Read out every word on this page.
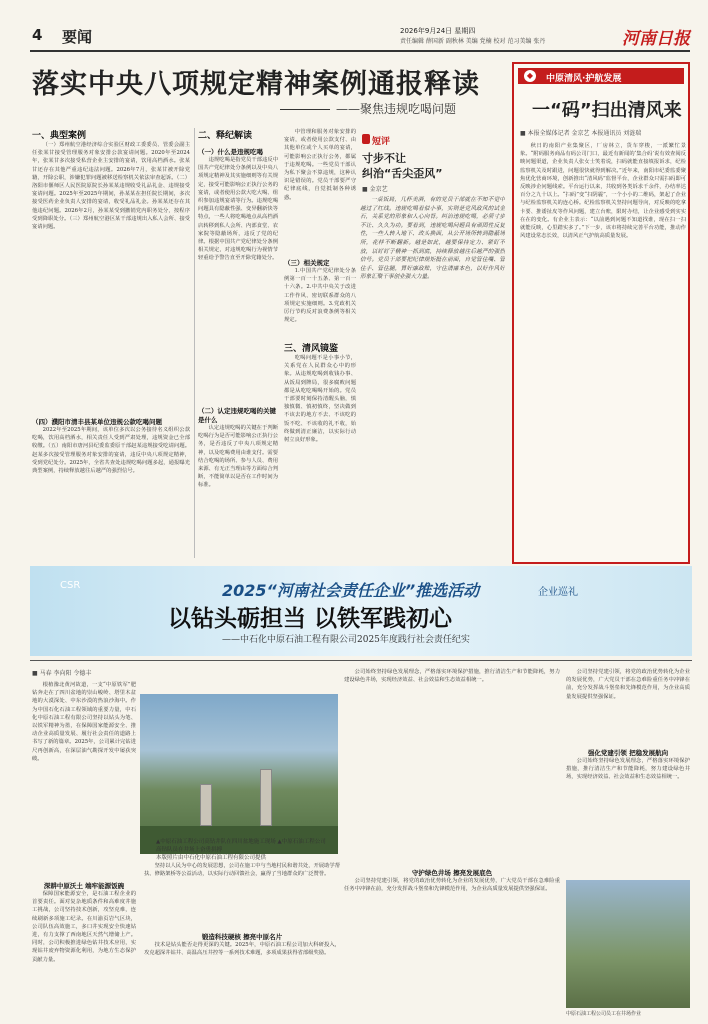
4 要闻	2026年9月24日 星期四
责任编辑 薛国新 副秋林 美编 党楠 校对 范习美编 张丹	河南日报
落实中央八项规定精神案例通报释读
——聚焦违规吃喝问题
一、典型案例

（一）郑州航空港经济综合实验区财政工委委员、管委会副主任张某甘接受管理服务对象安排公款宴请问题。2020年至2024年，张某甘多次接受私营企业主安排的宴请，饮用高档酒水。张某甘还存在其他严重违纪违法问题。2026年7月，张某甘被开除党籍，开除公职，涉嫌犯罪问题被移送检察机关依法审查起诉。（二）洛阳市偃师区人民医院原院长孙某某违规收受礼品礼金、违规接受宴请问题。2025年至2025年期间，孙某某在担任院长期间，多次接受医药企业负责人安排的宴请，收受礼品礼金。孙某某还存在其他违纪问题。2026年2月，孙某某受到撤销党内职务处分，按程序受到降职处分。（三）郑州航空港区某干部违规出入私人会所、接受宴请问题。

（四）濮阳市清丰县某单位违规公款吃喝问题

2022年至2025年期间，该单位多次以公务接待名义组织公款吃喝，饮用高档酒水，相关责任人受到严肃处理，违规资金已全部收缴。（五）南阳市唐河县纪委监委原干部赵某违规接受吃请问题。赵某多次接受管理服务对象安排的宴请，违反中央八项规定精神，受到党纪处分。2025年，全省共查处违规吃喝问题多起，通报曝光典型案例，持续释放越往后越严的强烈信号。

二、释纪解读
（一）什么是违规吃喝

违规吃喝是指党员干部违反中国共产党纪律处分条例以及中央八项规定精神及其实施细则等有关规定，接受可能影响公正执行公务的宴请，或者使用公款大吃大喝、组织参加违规宴请等行为。违规吃喝问题具有隐蔽性强、变异翻新快等特点，一些人将吃喝地点从高档酒店转移到私人会所、内部食堂、农家院等隐蔽场所，违反了党的纪律。根据中国共产党纪律处分条例相关规定，对违规吃喝行为视情节轻重给予警告直至开除党籍处分。

（二）认定违规吃喝的关键是什么

认定违规吃喝的关键在于判断吃喝行为是否可能影响公正执行公务，是否违反了中央八项规定精神，以及吃喝费用由谁支付。需要结合吃喝的场所、参与人员、费用来源、有无正当理由等方面综合判断，不能简单以是否在工作时间为标准。

中管理和服务对象安排的宴请，或者使用公款支付、由其他单位或个人买单的宴请，可能影响公正执行公务，都属于违规吃喝。一些党员干部认为私下聚会不算违规，这种认识是错误的。党员干部要严守纪律底线，自觉抵制各种诱惑。

（三）相关规定

1.中国共产党纪律处分条例第一百一十五条、第一百一十六条。2.中共中央关于改进工作作风、密切联系群众的八项规定实施细则。3.党政机关厉行节约反对浪费条例等相关规定。

三、清风镜鉴

吃喝问题不是小事小节，关系党在人民群众心中的形象。从违规吃喝到收钱办事、从饭局到牌局，很多腐败问题都是从吃吃喝喝开始的。党员干部要时刻保持清醒头脑，慎独慎微、慎初慎终，坚决做到不该去的地方不去、不该吃的饭不吃、不该收的礼不收，始终做到清正廉洁，以实际行动树立良好形象。

短评
寸步不让
纠治“舌尖歪风”
■ 金京艺

一桌饭局，几杯美酒，有的党员干部就在不知不觉中越过了红线。违规吃喝看似小事，实则是党风政风的试金石，关系党的形象和人心向背。纠治违规吃喝，必须寸步不让、久久为功。要看到，违规吃喝问题具有顽固性反复性，一些人转入地下、改头换面，从公开场所转到隐蔽场所，花样不断翻新。越是如此，越要保持定力、紧盯不放，以钉钉子精神一抓到底，持续释放越往后越严的强烈信号。党员干部要把纪律规矩挺在前面，自觉管住嘴、管住手、管住腿，算好廉政账，守住清廉本色，以好作风好形象汇聚干事创业强大力量。

◆	中原清风·护航发展
一“码”扫出清风来
■ 本报全媒体记者 金京艺 本报通讯员 刘涟瑞

秋日的南阳产业集聚区，厂房林立，货车穿梭，一派繁忙景象。“附码服务商品有码公司门口，最近有新闻的‘集合码’说有效查阅反映问题渠道，企业负责人张女士笑着说，扫码就能直接填报诉求，纪检监察机关及时跟进，问题很快就得到解决。”近年来，南阳市纪委监委聚焦优化营商环境，创新推出“清风码”监督平台，企业群众只需扫码即可反映涉企问题线索。平台运行以来，共收到各类诉求千余件，办结率达百分之九十以上。“扫码”变“扫阴霾”，一个小小的二维码，架起了企业与纪检监察机关的连心桥。纪检监察机关坚持问题导向，对反映的吃拿卡要、推诿扯皮等作风问题，建立台账，限时办结，让企业感受到实实在在的变化。有企业主表示：“以前遇到问题不知道找谁，现在扫一扫就能反映，心里踏实多了。”下一步，该市将持续完善平台功能，推动作风建设常态长效，以清风正气护航高质量发展。

CSR	2025“河南社会责任企业”推选活动	企业巡礼
以钻头砺担当 以铁军践初心
——中石化中原石油工程有限公司2025年度践行社会责任纪实
■ 马春 李向阳 令德丰

根植豫北黄河故道，一支“中原铁军”肥钻奔走在了四川盆地的崇山峻岭、塔里木盆地的大漠深处、中东沙漠的热浪沙海中。作为中国石化石油工程领域的重要力量，中石化中原石油工程有限公司坚持以钻头为笔、以铁军精神为墨，在保障国家能源安全、推动企业高质量发展、履行社会责任的道路上书写了新的篇章。2025年，公司累计完钻进尺再创新高，在深层油气勘探开发中屡获突破。

深耕中原沃土 端牢能源饭碗

保障国家能源安全，是石油工程企业的首要责任。面对复杂地质条件和高难度井施工挑战，公司坚持技术创新，攻坚克难，连续刷新多项施工纪录。在川渝页岩气区块，公司队伍高效施工，多口井实现安全快速钻进，有力支撑了西南地区天然气增储上产。同时，公司积极推进绿色钻井技术应用，实现钻井废弃物资源化利用，为地方生态保护贡献力量。

▲中原石油工程公司高钻井队在四川盆地施工现场 ▲中原石油工程公司高钻队员在井场上奋勇拼搏
本版照片由中石化中原石油工程有限公司提供

坚持以人民为中心的发展思想，公司在施工中与当地村民和谐共处，开展助学帮扶、修路架桥等公益活动，以实际行动回馈社会，赢得了当地群众的广泛赞誉。

锻造科技硬核 擦亮中原名片

技术是钻头能否走得更深的关键。2025年，中原石油工程公司加大科研投入，攻克超深井钻井、高温高压井控等一系列技术难题，多项成果获得省部级奖励。

公司始终坚持绿色发展理念，严格落实环境保护措施，推行清洁生产和节能降耗，努力建设绿色井场，实现经济效益、社会效益和生态效益相统一。

守护绿色井场 擦亮发展底色

公司坚持党建引领，将党的政治优势转化为企业的发展优势，广大党员干部在急难险重任务中冲锋在前，充分发挥战斗堡垒和先锋模范作用，为企业高质量发展提供坚强保证。

公司坚持党建引领，将党的政治优势转化为企业的发展优势，广大党员干部在急难险重任务中冲锋在前，充分发挥战斗堡垒和先锋模范作用，为企业高质量发展提供坚强保证。

强化党建引领 把稳发展航向

公司始终坚持绿色发展理念，严格落实环境保护措施，推行清洁生产和节能降耗，努力建设绿色井场，实现经济效益、社会效益和生态效益相统一。

中原石油工程公司员工在井场作业
